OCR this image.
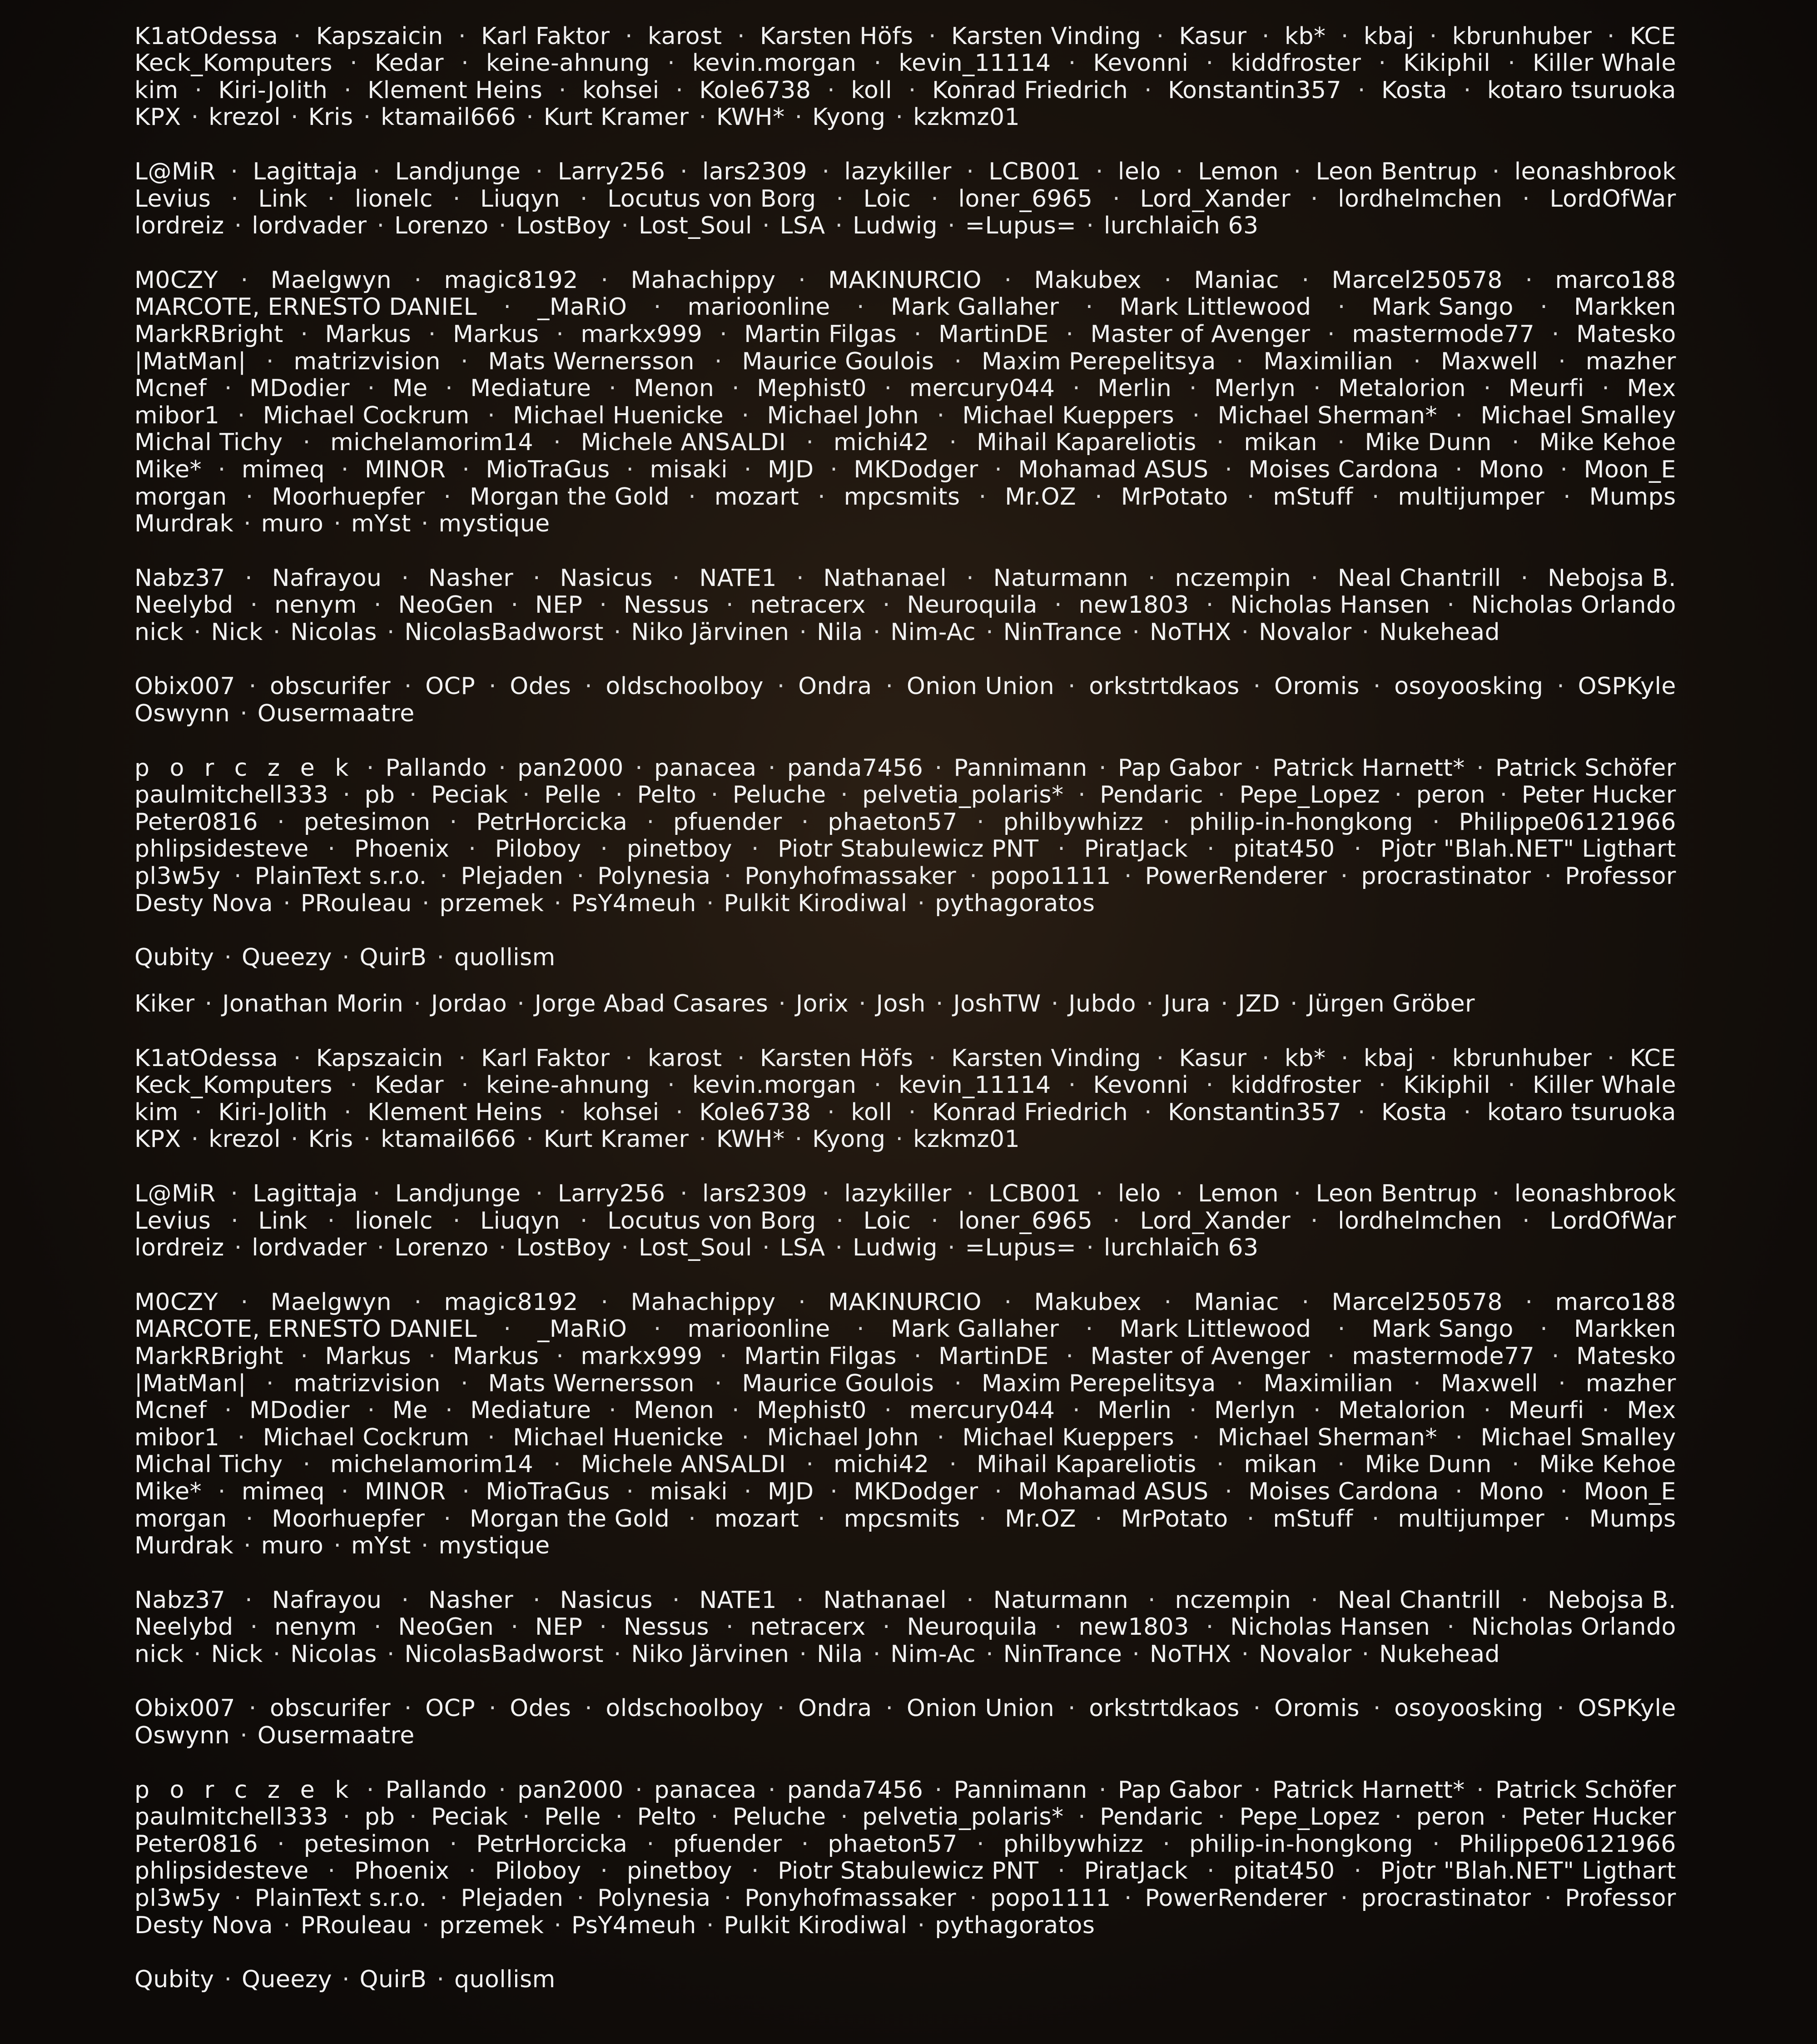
K1atOdessa · Kapszaicin · Karl Faktor · karost · Karsten Höfs · Karsten Vinding · Kasur · kb* · kbaj · kbrunhuber · KCE
Keck_Komputers · Kedar · keine-ahnung · kevin.morgan · kevin_11114 · Kevonni · kiddfroster · Kikiphil · Killer Whale
kim · Kiri-Jolith · Klement Heins · kohsei · Kole6738 · koll · Konrad Friedrich · Konstantin357 · Kosta · kotaro tsuruoka
KPX · krezol · Kris · ktamail666 · Kurt Kramer · KWH* · Kyong · kzkmz01
L@MiR · Lagittaja · Landjunge · Larry256 · lars2309 · lazykiller · LCB001 · lelo · Lemon · Leon Bentrup · leonashbrook
Levius · Link · lionelc · Liuqyn · Locutus von Borg · Loic · loner_6965 · Lord_Xander · lordhelmchen · LordOfWar
lordreiz · lordvader · Lorenzo · LostBoy · Lost_Soul · LSA · Ludwig · =Lupus= · lurchlaich 63
M0CZY · Maelgwyn · magic8192 · Mahachippy · MAKINURCIO · Makubex · Maniac · Marcel250578 · marco188
MARCOTE, ERNESTO DANIEL · _MaRiO · marioonline · Mark Gallaher · Mark Littlewood · Mark Sango · Markken
MarkRBright · Markus · Markus · markx999 · Martin Filgas · MartinDE · Master of Avenger · mastermode77 · Matesko
|MatMan| · matrizvision · Mats Wernersson · Maurice Goulois · Maxim Perepelitsya · Maximilian · Maxwell · mazher
Mcnef · MDodier · Me · Mediature · Menon · Mephist0 · mercury044 · Merlin · Merlyn · Metalorion · Meurfi · Mex
mibor1 · Michael Cockrum · Michael Huenicke · Michael John · Michael Kueppers · Michael Sherman* · Michael Smalley
Michal Tichy · michelamorim14 · Michele ANSALDI · michi42 · Mihail Kapareliotis · mikan · Mike Dunn · Mike Kehoe
Mike* · mimeq · MINOR · MioTraGus · misaki · MJD · MKDodger · Mohamad ASUS · Moises Cardona · Mono · Moon_E
morgan · Moorhuepfer · Morgan the Gold · mozart · mpcsmits · Mr.OZ · MrPotato · mStuff · multijumper · Mumps
Murdrak · muro · mYst · mystique
Nabz37 · Nafrayou · Nasher · Nasicus · NATE1 · Nathanael · Naturmann · nczempin · Neal Chantrill · Nebojsa B.
Neelybd · nenym · NeoGen · NEP · Nessus · netracerx · Neuroquila · new1803 · Nicholas Hansen · Nicholas Orlando
nick · Nick · Nicolas · NicolasBadworst · Niko Järvinen · Nila · Nim-Ac · NinTrance · NoTHX · Novalor · Nukehead
Obix007 · obscurifer · OCP · Odes · oldschoolboy · Ondra · Onion Union · orkstrtdkaos · Oromis · osoyoosking · OSPKyle
Oswynn · Ousermaatre
p o r c z e k · Pallando · pan2000 · panacea · panda7456 · Pannimann · Pap Gabor · Patrick Harnett* · Patrick Schöfer
paulmitchell333 · pb · Peciak · Pelle · Pelto · Peluche · pelvetia_polaris* · Pendaric · Pepe_Lopez · peron · Peter Hucker
Peter0816 · petesimon · PetrHorcicka · pfuender · phaeton57 · philbywhizz · philip-in-hongkong · Philippe06121966
phlipsidesteve · Phoenix · Piloboy · pinetboy · Piotr Stabulewicz PNT · PiratJack · pitat450 · Pjotr "Blah.NET" Ligthart
pl3w5y · PlainText s.r.o. · Plejaden · Polynesia · Ponyhofmassaker · popo1111 · PowerRenderer · procrastinator · Professor
Desty Nova · PRouleau · przemek · PsY4meuh · Pulkit Kirodiwal · pythagoratos
Qubity · Queezy · QuirB · quollism
Kiker · Jonathan Morin · Jordao · Jorge Abad Casares · Jorix · Josh · JoshTW · Jubdo · Jura · JZD · Jürgen Gröber
K1atOdessa · Kapszaicin · Karl Faktor · karost · Karsten Höfs · Karsten Vinding · Kasur · kb* · kbaj · kbrunhuber · KCE
Keck_Komputers · Kedar · keine-ahnung · kevin.morgan · kevin_11114 · Kevonni · kiddfroster · Kikiphil · Killer Whale
kim · Kiri-Jolith · Klement Heins · kohsei · Kole6738 · koll · Konrad Friedrich · Konstantin357 · Kosta · kotaro tsuruoka
KPX · krezol · Kris · ktamail666 · Kurt Kramer · KWH* · Kyong · kzkmz01
L@MiR · Lagittaja · Landjunge · Larry256 · lars2309 · lazykiller · LCB001 · lelo · Lemon · Leon Bentrup · leonashbrook
Levius · Link · lionelc · Liuqyn · Locutus von Borg · Loic · loner_6965 · Lord_Xander · lordhelmchen · LordOfWar
lordreiz · lordvader · Lorenzo · LostBoy · Lost_Soul · LSA · Ludwig · =Lupus= · lurchlaich 63
M0CZY · Maelgwyn · magic8192 · Mahachippy · MAKINURCIO · Makubex · Maniac · Marcel250578 · marco188
MARCOTE, ERNESTO DANIEL · _MaRiO · marioonline · Mark Gallaher · Mark Littlewood · Mark Sango · Markken
MarkRBright · Markus · Markus · markx999 · Martin Filgas · MartinDE · Master of Avenger · mastermode77 · Matesko
|MatMan| · matrizvision · Mats Wernersson · Maurice Goulois · Maxim Perepelitsya · Maximilian · Maxwell · mazher
Mcnef · MDodier · Me · Mediature · Menon · Mephist0 · mercury044 · Merlin · Merlyn · Metalorion · Meurfi · Mex
mibor1 · Michael Cockrum · Michael Huenicke · Michael John · Michael Kueppers · Michael Sherman* · Michael Smalley
Michal Tichy · michelamorim14 · Michele ANSALDI · michi42 · Mihail Kapareliotis · mikan · Mike Dunn · Mike Kehoe
Mike* · mimeq · MINOR · MioTraGus · misaki · MJD · MKDodger · Mohamad ASUS · Moises Cardona · Mono · Moon_E
morgan · Moorhuepfer · Morgan the Gold · mozart · mpcsmits · Mr.OZ · MrPotato · mStuff · multijumper · Mumps
Murdrak · muro · mYst · mystique
Nabz37 · Nafrayou · Nasher · Nasicus · NATE1 · Nathanael · Naturmann · nczempin · Neal Chantrill · Nebojsa B.
Neelybd · nenym · NeoGen · NEP · Nessus · netracerx · Neuroquila · new1803 · Nicholas Hansen · Nicholas Orlando
nick · Nick · Nicolas · NicolasBadworst · Niko Järvinen · Nila · Nim-Ac · NinTrance · NoTHX · Novalor · Nukehead
Obix007 · obscurifer · OCP · Odes · oldschoolboy · Ondra · Onion Union · orkstrtdkaos · Oromis · osoyoosking · OSPKyle
Oswynn · Ousermaatre
p o r c z e k · Pallando · pan2000 · panacea · panda7456 · Pannimann · Pap Gabor · Patrick Harnett* · Patrick Schöfer
paulmitchell333 · pb · Peciak · Pelle · Pelto · Peluche · pelvetia_polaris* · Pendaric · Pepe_Lopez · peron · Peter Hucker
Peter0816 · petesimon · PetrHorcicka · pfuender · phaeton57 · philbywhizz · philip-in-hongkong · Philippe06121966
phlipsidesteve · Phoenix · Piloboy · pinetboy · Piotr Stabulewicz PNT · PiratJack · pitat450 · Pjotr "Blah.NET" Ligthart
pl3w5y · PlainText s.r.o. · Plejaden · Polynesia · Ponyhofmassaker · popo1111 · PowerRenderer · procrastinator · Professor
Desty Nova · PRouleau · przemek · PsY4meuh · Pulkit Kirodiwal · pythagoratos
Qubity · Queezy · QuirB · quollism
